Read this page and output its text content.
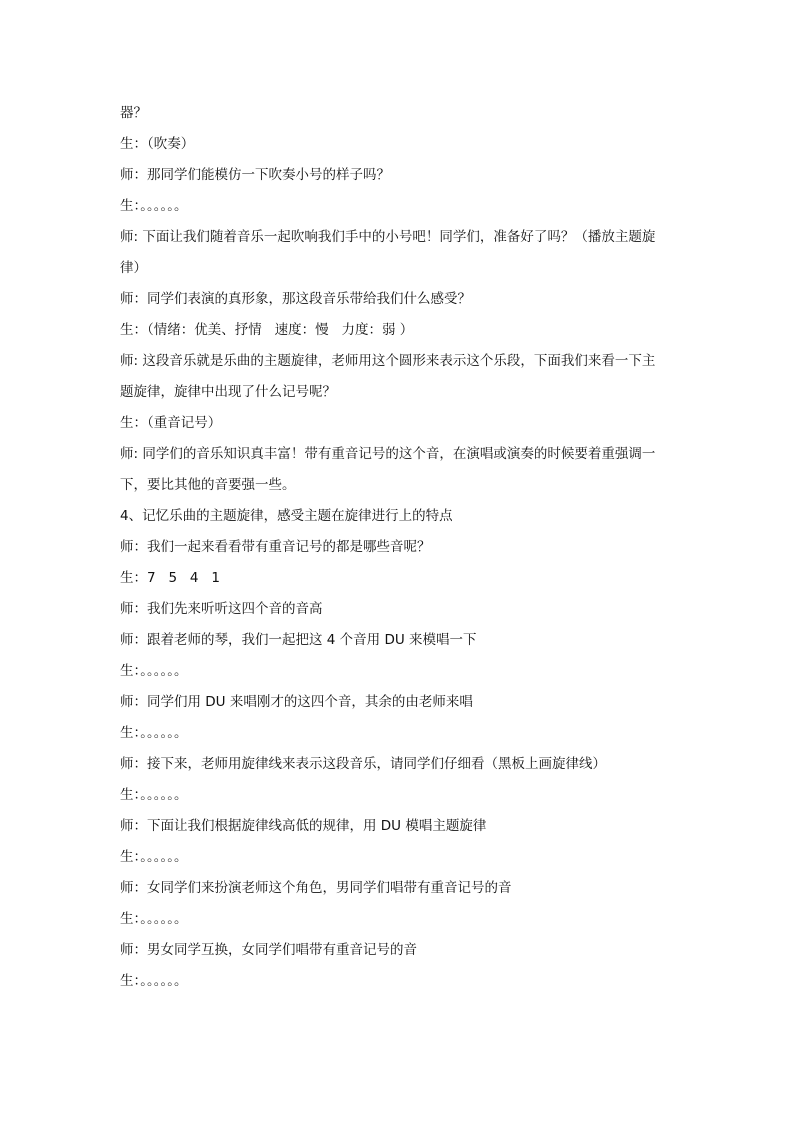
器？
生：（吹奏）
师：那同学们能模仿一下吹奏小号的样子吗？
生：。。。。。。
师: 下面让我们随着音乐一起吹响我们手中的小号吧！同学们，准备好了吗？（播放主题旋
律）
师：同学们表演的真形象，那这段音乐带给我们什么感受？
生：（情绪：优美、抒情   速度：慢   力度：弱 ）
师: 这段音乐就是乐曲的主题旋律，老师用这个圆形来表示这个乐段，下面我们来看一下主
题旋律，旋律中出现了什么记号呢？
生：（重音记号）
师: 同学们的音乐知识真丰富！带有重音记号的这个音，在演唱或演奏的时候要着重强调一
下，要比其他的音要强一些。
4、记忆乐曲的主题旋律，感受主题在旋律进行上的特点
师：我们一起来看看带有重音记号的都是哪些音呢？
生：7   5   4   1
师：我们先来听听这四个音的音高
师：跟着老师的琴，我们一起把这 4 个音用 DU 来模唱一下
生：。。。。。。
师：同学们用 DU 来唱刚才的这四个音，其余的由老师来唱
生：。。。。。。
师：接下来，老师用旋律线来表示这段音乐，请同学们仔细看（黑板上画旋律线）
生：。。。。。。
师：下面让我们根据旋律线高低的规律，用 DU 模唱主题旋律
生：。。。。。。
师：女同学们来扮演老师这个角色，男同学们唱带有重音记号的音
生：。。。。。。
师：男女同学互换，女同学们唱带有重音记号的音
生：。。。。。。
